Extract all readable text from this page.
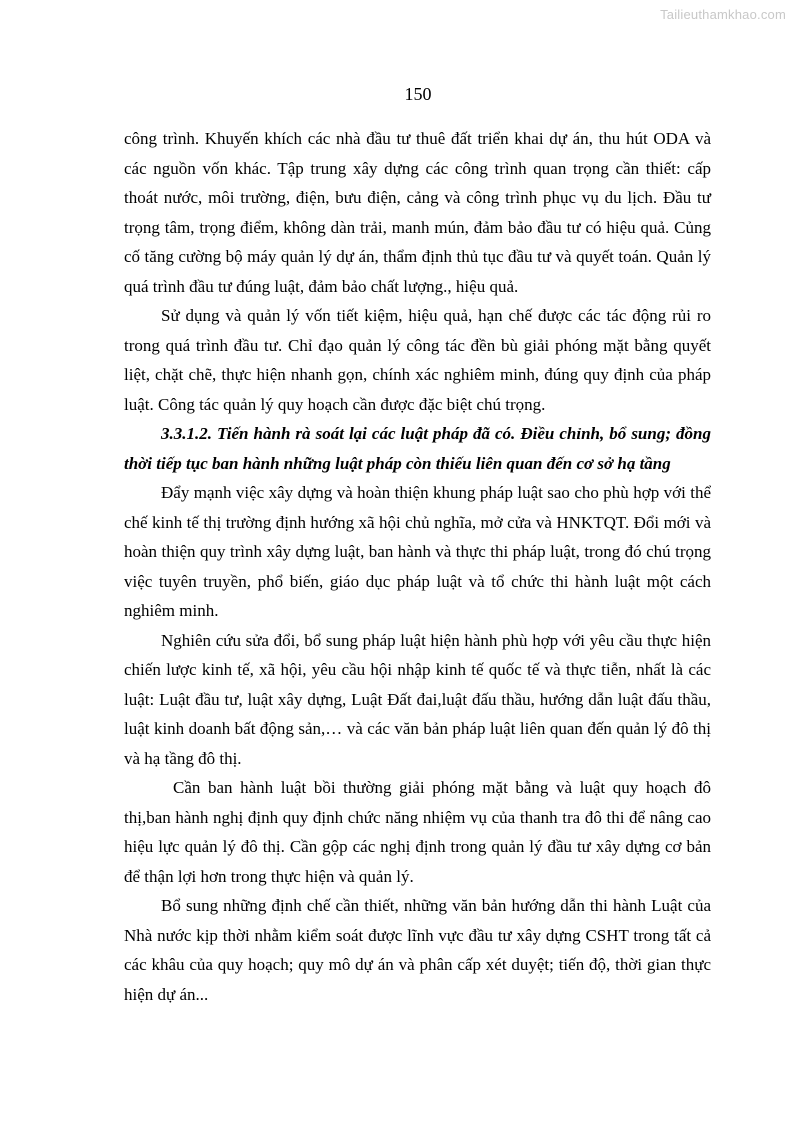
Tailieuthamkhao.com
150

công trình. Khuyến khích các nhà đầu tư thuê đất triển khai dự án, thu hút ODA và các nguồn vốn khác. Tập trung xây dựng các công trình quan trọng cần thiết: cấp thoát nước, môi trường, điện, bưu điện, cảng và công trình phục vụ du lịch. Đầu tư trọng tâm, trọng điểm, không dàn trải, manh mún, đảm bảo đầu tư có hiệu quả. Củng cố tăng cường bộ máy quản lý dự án, thẩm định thủ tục đầu tư và quyết toán. Quản lý quá trình đầu tư đúng luật, đảm bảo chất lượng., hiệu quả.

Sử dụng và quản lý vốn tiết kiệm, hiệu quả, hạn chế được các tác động rủi ro trong quá trình đầu tư. Chỉ đạo quản lý công tác đền bù giải phóng mặt bằng quyết liệt, chặt chẽ, thực hiện nhanh gọn, chính xác nghiêm minh, đúng quy định của pháp luật. Công tác quản lý quy hoạch cần được đặc biệt chú trọng.

3.3.1.2. Tiến hành rà soát lại các luật pháp đã có. Điều chỉnh, bổ sung; đồng thời tiếp tục ban hành những luật pháp còn thiếu liên quan đến cơ sở hạ tầng

Đẩy mạnh việc xây dựng và hoàn thiện khung pháp luật sao cho phù hợp với thể chế kinh tế thị trường định hướng xã hội chủ nghĩa, mở cửa và HNKTQT. Đổi mới và hoàn thiện quy trình xây dựng luật, ban hành và thực thi pháp luật, trong đó chú trọng việc tuyên truyền, phổ biến, giáo dục pháp luật và tổ chức thi hành luật một cách nghiêm minh.

Nghiên cứu sửa đổi, bổ sung pháp luật hiện hành phù hợp với yêu cầu thực hiện chiến lược kinh tế, xã hội, yêu cầu hội nhập kinh tế quốc tế và thực tiễn, nhất là các luật: Luật đầu tư, luật xây dựng, Luật Đất đai,luật đấu thầu, hướng dẫn luật đấu thầu, luật kinh doanh bất động sản,… và các văn bản pháp luật liên quan đến quản lý đô thị và hạ tầng đô thị.

Cần ban hành luật bồi thường giải phóng mặt bằng và luật quy hoạch đô thị,ban hành nghị định quy định chức năng nhiệm vụ của thanh tra đô thi để nâng cao hiệu lực quản lý đô thị. Cần gộp các nghị định trong quản lý đầu tư xây dựng cơ bản để thận lợi hơn trong thực hiện và quản lý.

Bổ sung những định chế cần thiết, những văn bản hướng dẫn thi hành Luật của Nhà nước kịp thời nhằm kiểm soát được lĩnh vực đầu tư xây dựng CSHT trong tất cả các khâu của quy hoạch; quy mô dự án và phân cấp xét duyệt; tiến độ, thời gian thực hiện dự án...
